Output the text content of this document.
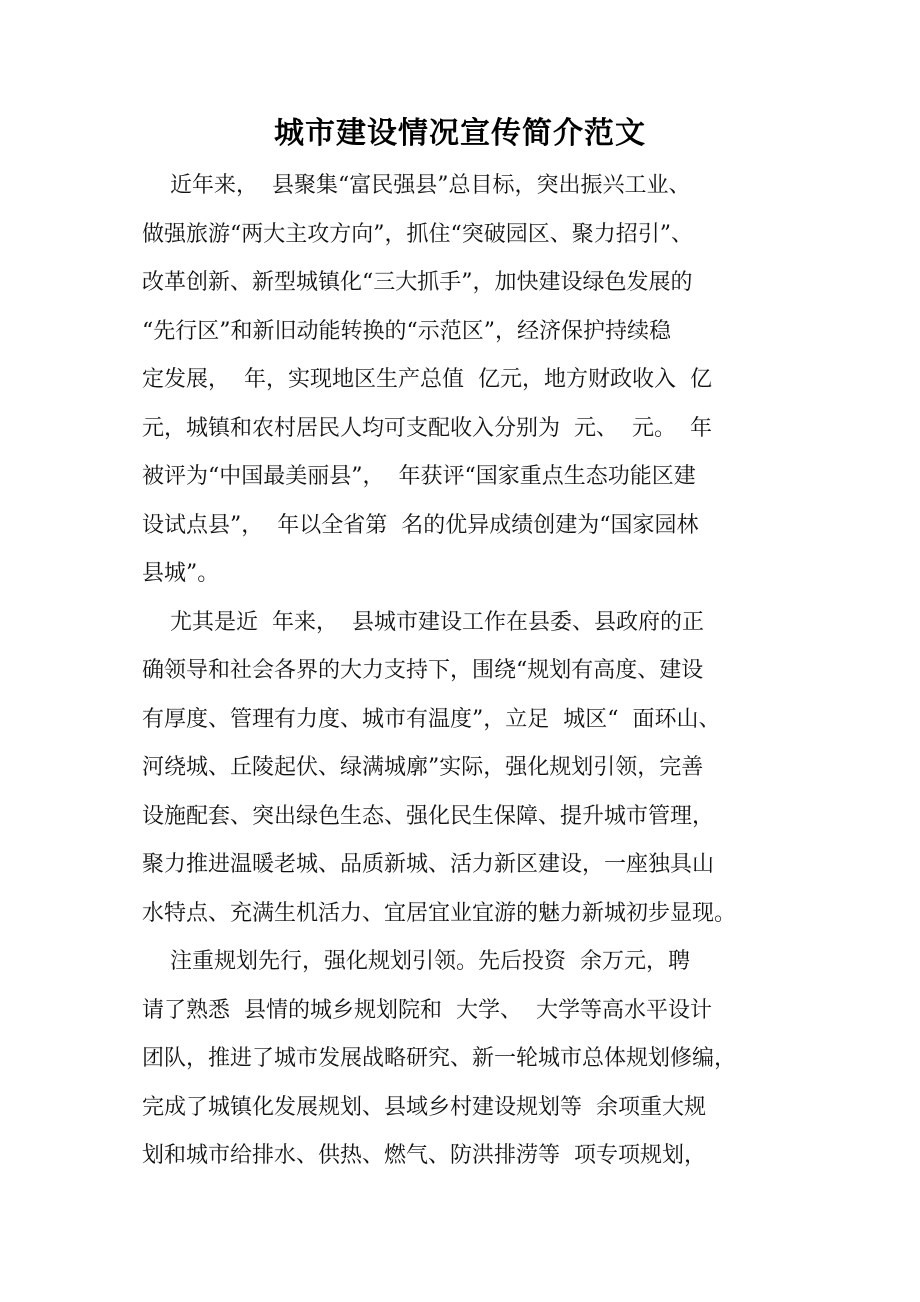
城市建设情况宣传简介范文

近年来，  县聚集“富民强县”总目标，突出振兴工业、
做强旅游“两大主攻方向”，抓住“突破园区、聚力招引”、
改革创新、新型城镇化“三大抓手”，加快建设绿色发展的
“先行区”和新旧动能转换的“示范区”，经济保护持续稳
定发展，  年，实现地区生产总值  亿元，地方财政收入  亿
元，城镇和农村居民人均可支配收入分别为  元、  元。  年
被评为“中国最美丽县”，  年获评“国家重点生态功能区建
设试点县”，  年以全省第  名的优异成绩创建为“国家园林
县城”。

尤其是近  年来，  县城市建设工作在县委、县政府的正
确领导和社会各界的大力支持下，围绕“规划有高度、建设
有厚度、管理有力度、城市有温度”，立足  城区“  面环山、
河绕城、丘陵起伏、绿满城廓”实际，强化规划引领，完善
设施配套、突出绿色生态、强化民生保障、提升城市管理，
聚力推进温暖老城、品质新城、活力新区建设，一座独具山
水特点、充满生机活力、宜居宜业宜游的魅力新城初步显现。

注重规划先行，强化规划引领。先后投资  余万元，聘
请了熟悉  县情的城乡规划院和  大学、  大学等高水平设计
团队，推进了城市发展战略研究、新一轮城市总体规划修编，
完成了城镇化发展规划、县域乡村建设规划等  余项重大规
划和城市给排水、供热、燃气、防洪排涝等  项专项规划，
